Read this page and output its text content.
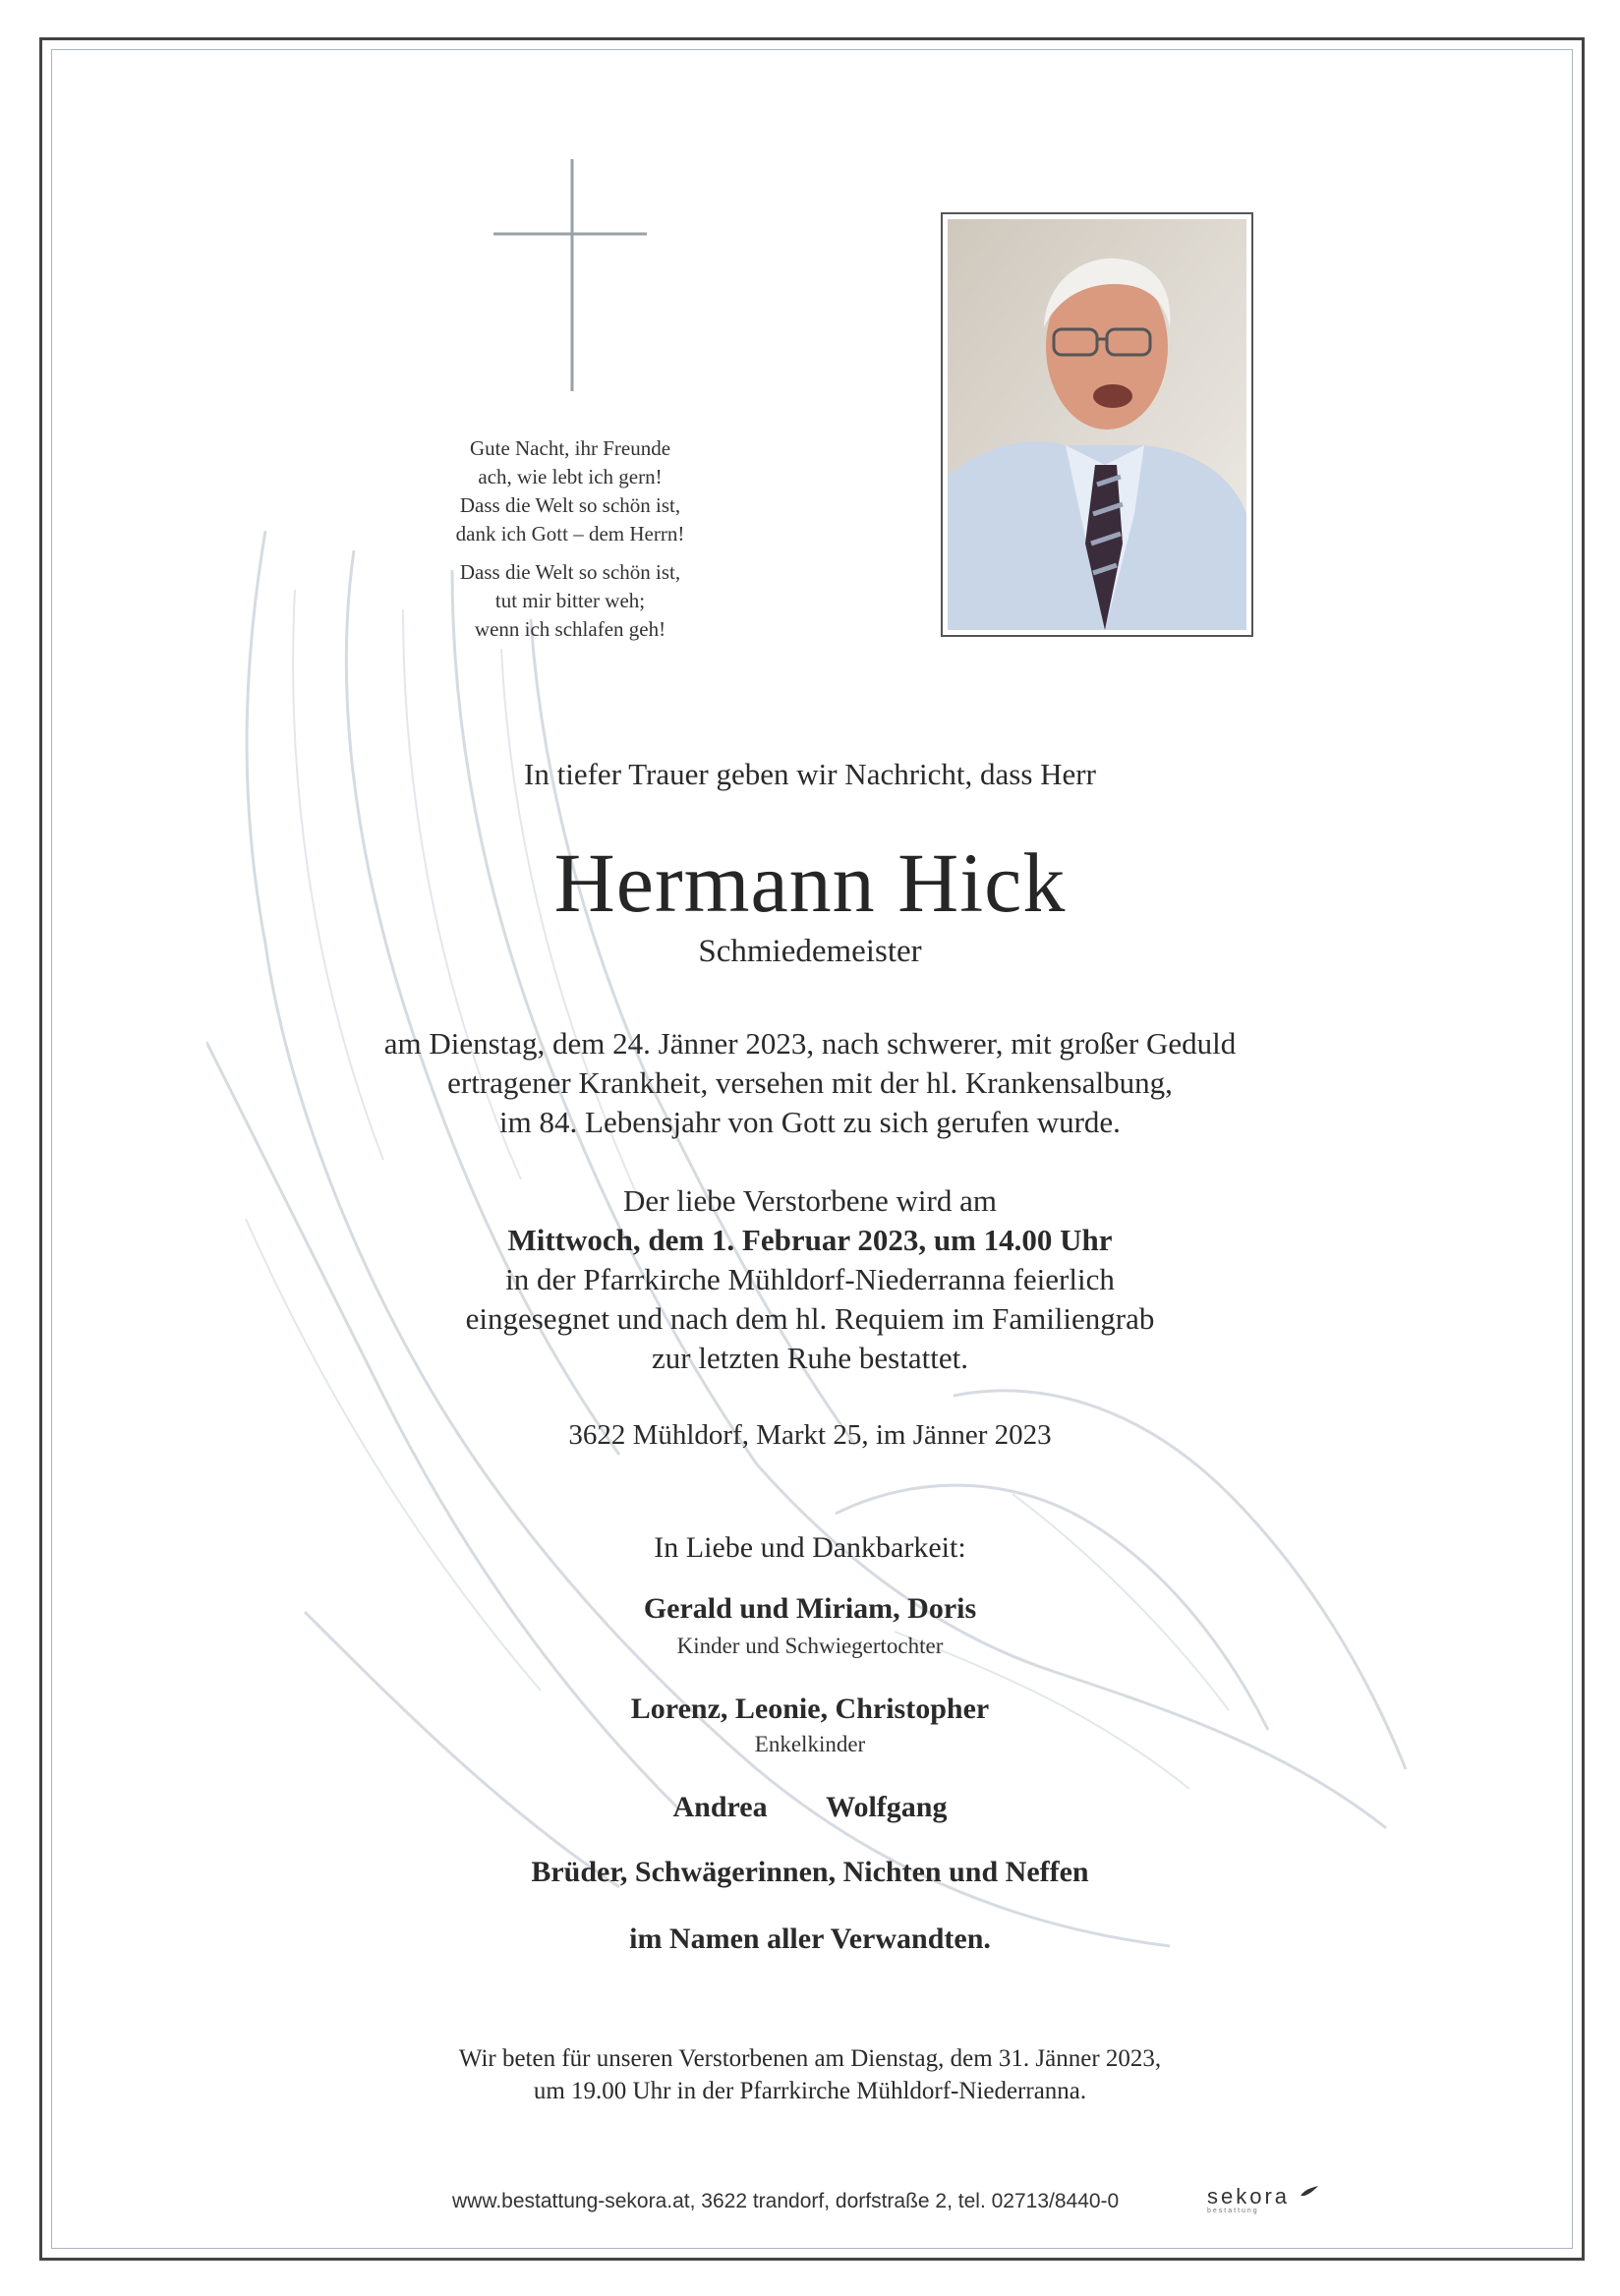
Gute Nacht, ihr Freunde
ach, wie lebt ich gern!
Dass die Welt so schön ist,
dank ich Gott – dem Herrn!
Dass die Welt so schön ist,
tut mir bitter weh;
wenn ich schlafen geh!
In tiefer Trauer geben wir Nachricht, dass Herr
Hermann Hick
Schmiedemeister
am Dienstag, dem 24. Jänner 2023, nach schwerer, mit großer Geduld
ertragener Krankheit, versehen mit der hl. Krankensalbung,
im 84. Lebensjahr von Gott zu sich gerufen wurde.
Der liebe Verstorbene wird am
Mittwoch, dem 1. Februar 2023, um 14.00 Uhr
in der Pfarrkirche Mühldorf-Niederranna feierlich
eingesegnet und nach dem hl. Requiem im Familiengrab
zur letzten Ruhe bestattet.
3622 Mühldorf, Markt 25, im Jänner 2023
In Liebe und Dankbarkeit:
Gerald und Miriam, Doris
Kinder und Schwiegertochter
Lorenz, Leonie, Christopher
Enkelkinder
Andrea Wolfgang
Brüder, Schwägerinnen, Nichten und Neffen
im Namen aller Verwandten.
Wir beten für unseren Verstorbenen am Dienstag, dem 31. Jänner 2023,
um 19.00 Uhr in der Pfarrkirche Mühldorf-Niederranna.
www.bestattung-sekora.at, 3622 trandorf, dorfstraße 2, tel. 02713/8440-0	sekora
bestattung
